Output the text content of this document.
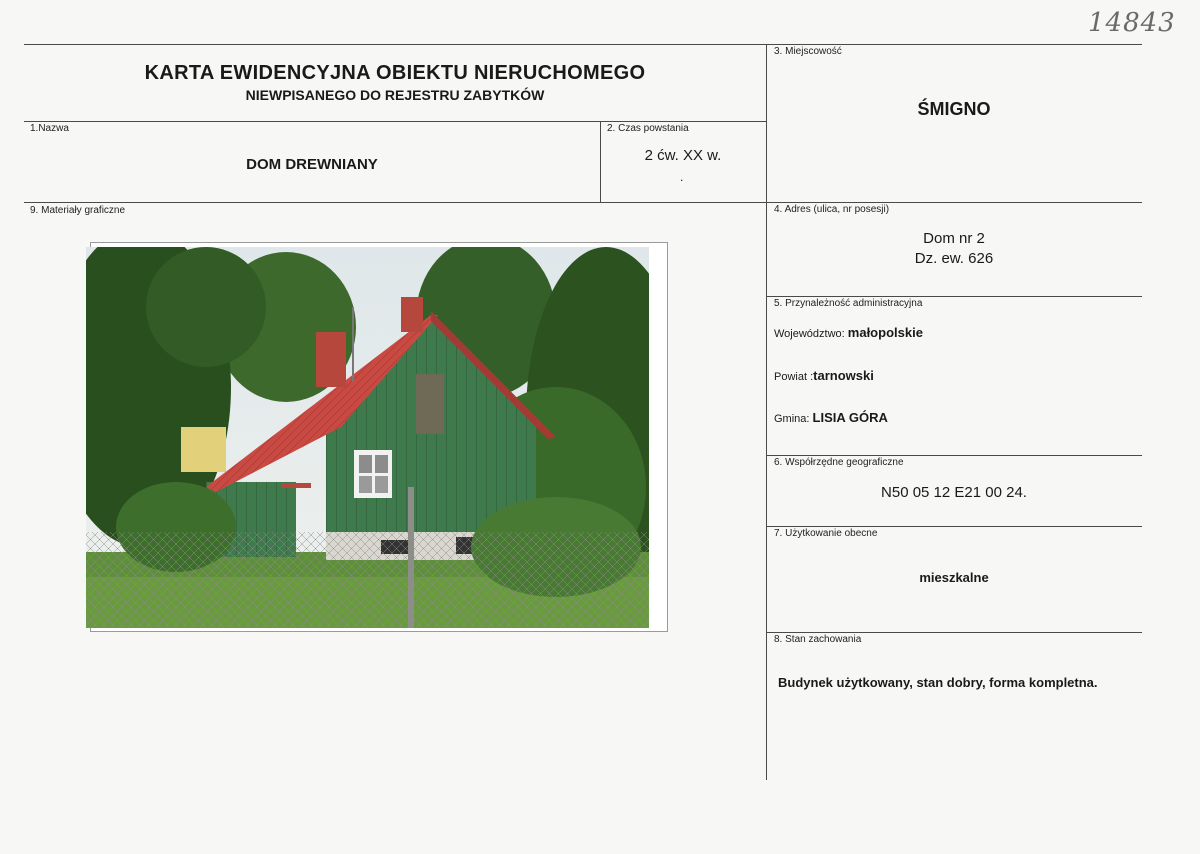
14843
KARTA EWIDENCYJNA OBIEKTU NIERUCHOMEGO
NIEWPISANEGO DO REJESTRU ZABYTKÓW
1.Nazwa
DOM DREWNIANY
2. Czas powstania
2 ćw. XX w.
.
3. Miejscowość
ŚMIGNO
9. Materiały graficzne	4. Adres (ulica, nr posesji)
Dom nr 2
Dz. ew. 626
5. Przynależność administracyjna
Województwo: małopolskie
Powiat :tarnowski
Gmina: LISIA GÓRA
6. Współrzędne geograficzne
N50 05 12 E21 00 24.
7. Użytkowanie obecne
mieszkalne
8. Stan zachowania
Budynek użytkowany, stan dobry, forma kompletna.
